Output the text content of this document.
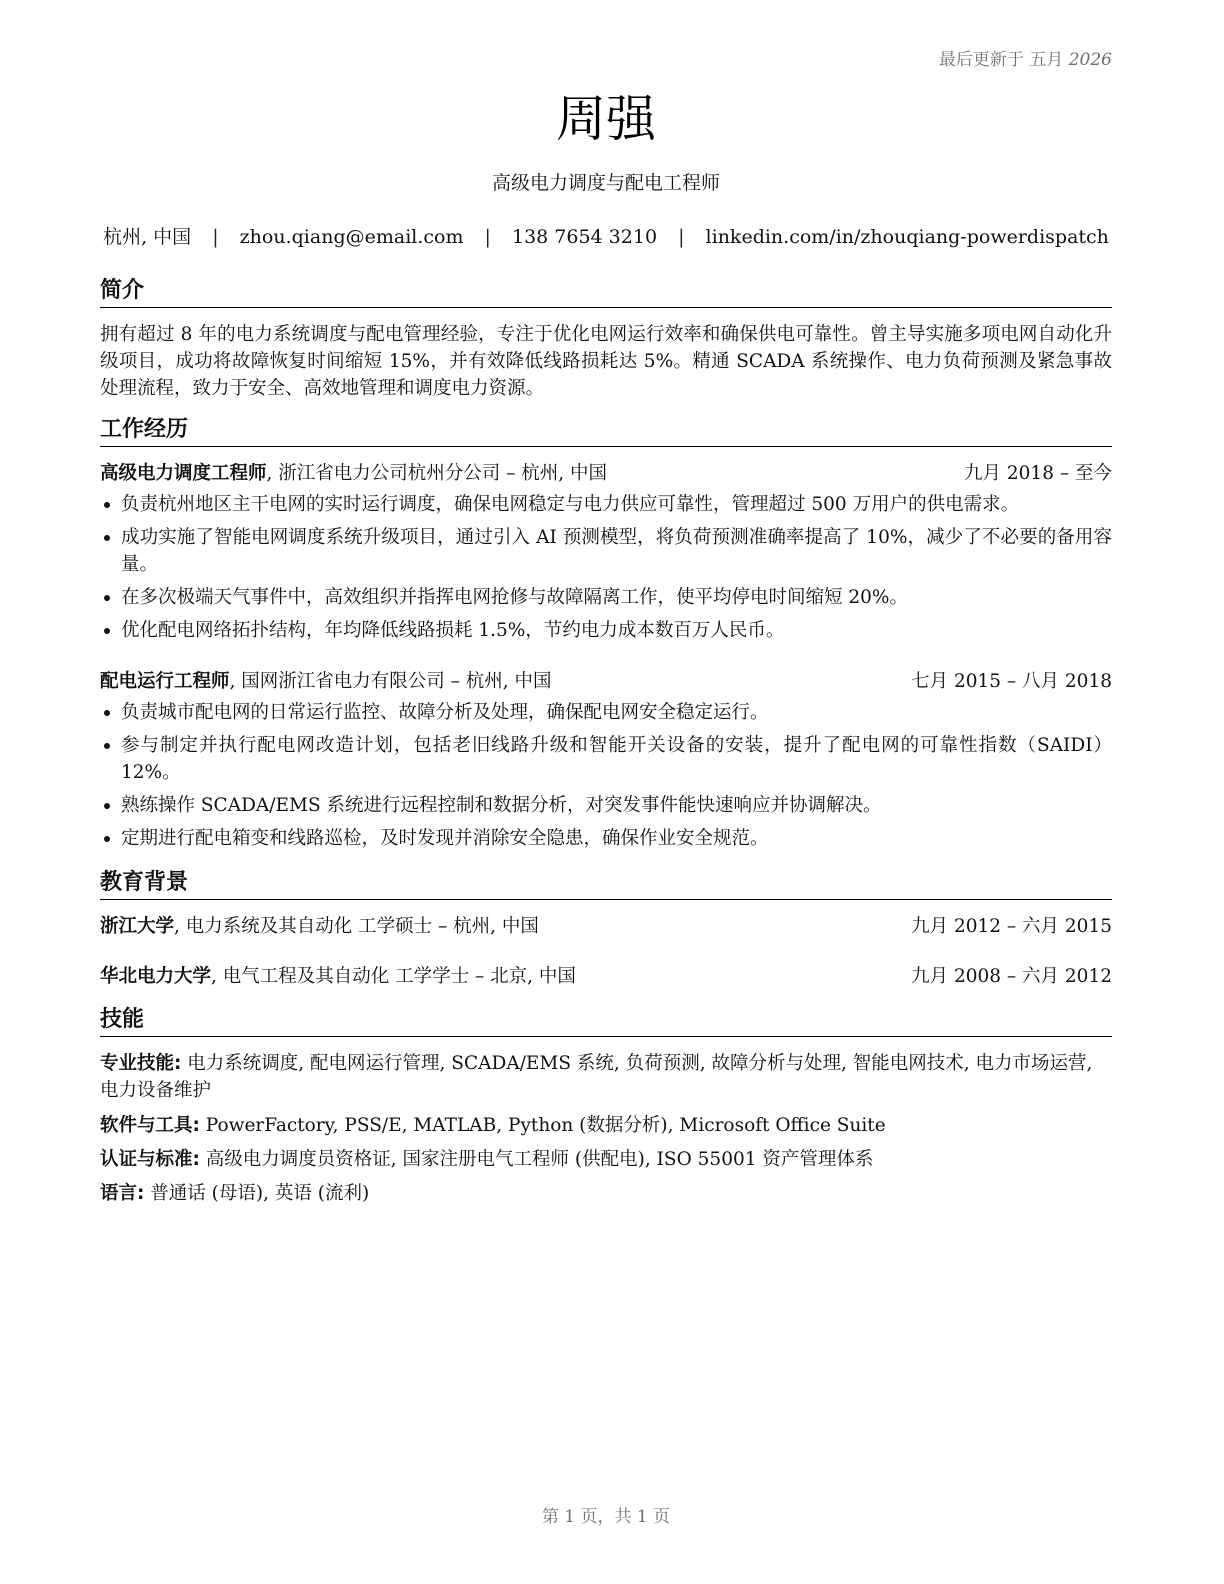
最后更新于 五月 2026
周强
高级电力调度与配电工程师
杭州, 中国 | zhou.qiang@email.com | 138 7654 3210 | linkedin.com/in/zhouqiang-powerdispatch
简介
拥有超过 8 年的电力系统调度与配电管理经验，专注于优化电网运行效率和确保供电可靠性。曾主导实施多项电网自动化升级项目，成功将故障恢复时间缩短 15%，并有效降低线路损耗达 5%。精通 SCADA 系统操作、电力负荷预测及紧急事故处理流程，致力于安全、高效地管理和调度电力资源。
工作经历
高级电力调度工程师, 浙江省电力公司杭州分公司 – 杭州, 中国	九月 2018 – 至今
负责杭州地区主干电网的实时运行调度，确保电网稳定与电力供应可靠性，管理超过 500 万用户的供电需求。
成功实施了智能电网调度系统升级项目，通过引入 AI 预测模型，将负荷预测准确率提高了 10%，减少了不必要的备用容量。
在多次极端天气事件中，高效组织并指挥电网抢修与故障隔离工作，使平均停电时间缩短 20%。
优化配电网络拓扑结构，年均降低线路损耗 1.5%，节约电力成本数百万人民币。
配电运行工程师, 国网浙江省电力有限公司 – 杭州, 中国	七月 2015 – 八月 2018
负责城市配电网的日常运行监控、故障分析及处理，确保配电网安全稳定运行。
参与制定并执行配电网改造计划，包括老旧线路升级和智能开关设备的安装，提升了配电网的可靠性指数（SAIDI）12%。
熟练操作 SCADA/EMS 系统进行远程控制和数据分析，对突发事件能快速响应并协调解决。
定期进行配电箱变和线路巡检，及时发现并消除安全隐患，确保作业安全规范。
教育背景
浙江大学, 电力系统及其自动化 工学硕士 – 杭州, 中国	九月 2012 – 六月 2015
华北电力大学, 电气工程及其自动化 工学学士 – 北京, 中国	九月 2008 – 六月 2012
技能
专业技能: 电力系统调度, 配电网运行管理, SCADA/EMS 系统, 负荷预测, 故障分析与处理, 智能电网技术, 电力市场运营, 电力设备维护
软件与工具: PowerFactory, PSS/E, MATLAB, Python (数据分析), Microsoft Office Suite
认证与标准: 高级电力调度员资格证, 国家注册电气工程师 (供配电), ISO 55001 资产管理体系
语言: 普通话 (母语), 英语 (流利)
第 1 页，共 1 页
